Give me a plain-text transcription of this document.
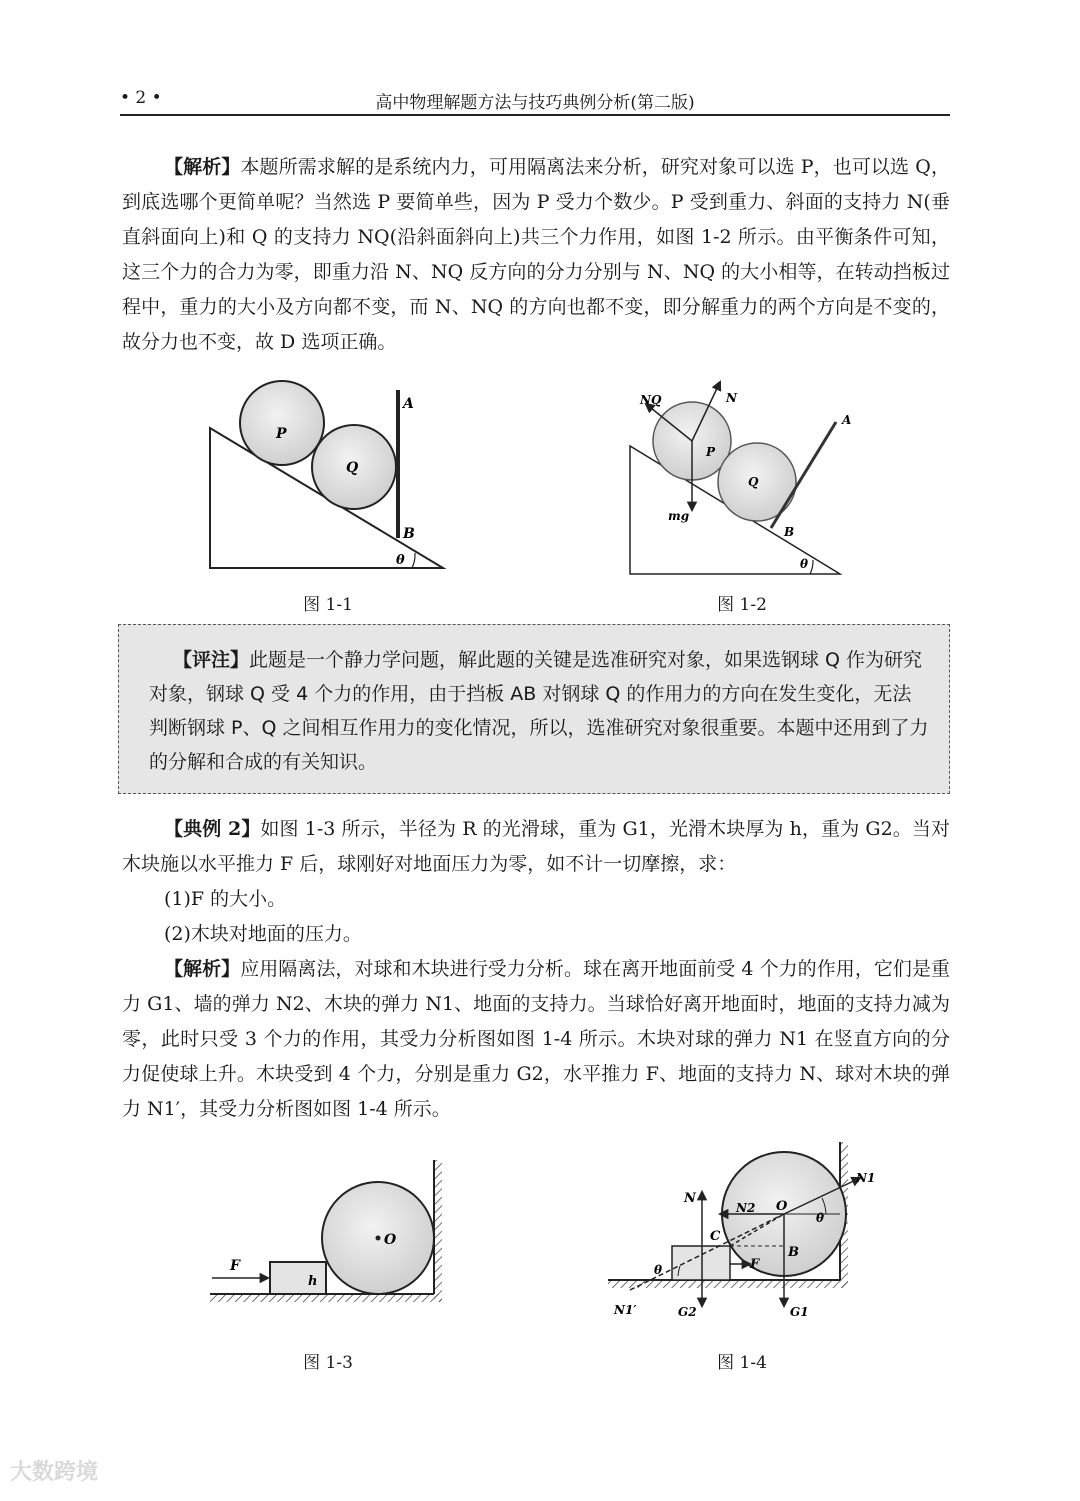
• 2 •	高中物理解题方法与技巧典例分析(第二版)

【解析】本题所需求解的是系统内力，可用隔离法来分析，研究对象可以选 P，也可以选 Q，到底选哪个更简单呢？当然选 P 要简单些，因为 P 受力个数少。P 受到重力、斜面的支持力 N(垂直斜面向上)和 Q 的支持力 NQ(沿斜面斜向上)共三个力作用，如图 1-2 所示。由平衡条件可知，这三个力的合力为零，即重力沿 N、NQ 反方向的分力分别与 N、NQ 的大小相等，在转动挡板过程中，重力的大小及方向都不变，而 N、NQ 的方向也都不变，即分解重力的两个方向是不变的，故分力也不变，故 D 选项正确。

A
B
P
Q
θ
图 1-1
NQ	N
A
B
P
Q
mg
θ
图 1-2

【评注】此题是一个静力学问题，解此题的关键是选准研究对象，如果选钢球 Q 作为研究对象，钢球 Q 受 4 个力的作用，由于挡板 AB 对钢球 Q 的作用力的方向在发生变化，无法判断钢球 P、Q 之间相互作用力的变化情况，所以，选准研究对象很重要。本题中还用到了力的分解和合成的有关知识。

【典例 2】如图 1-3 所示，半径为 R 的光滑球，重为 G1，光滑木块厚为 h，重为 G2。当对木块施以水平推力 F 后，球刚好对地面压力为零，如不计一切摩擦，求：

(1)F 的大小。

(2)木块对地面的压力。

【解析】应用隔离法，对球和木块进行受力分析。球在离开地面前受 4 个力的作用，它们是重力 G1、墙的弹力 N2、木块的弹力 N1、地面的支持力。当球恰好离开地面时，地面的支持力减为零，此时只受 3 个力的作用，其受力分析图如图 1-4 所示。木块对球的弹力 N1 在竖直方向的分力促使球上升。木块受到 4 个力，分别是重力 G2，水平推力 F、地面的支持力 N、球对木块的弹力 N1′，其受力分析图如图 1-4 所示。

F
h
O
图 1-3
N
N2 O
N1
θ
C
F
B
θ
N1′	G2	G1
图 1-4
大数跨境
